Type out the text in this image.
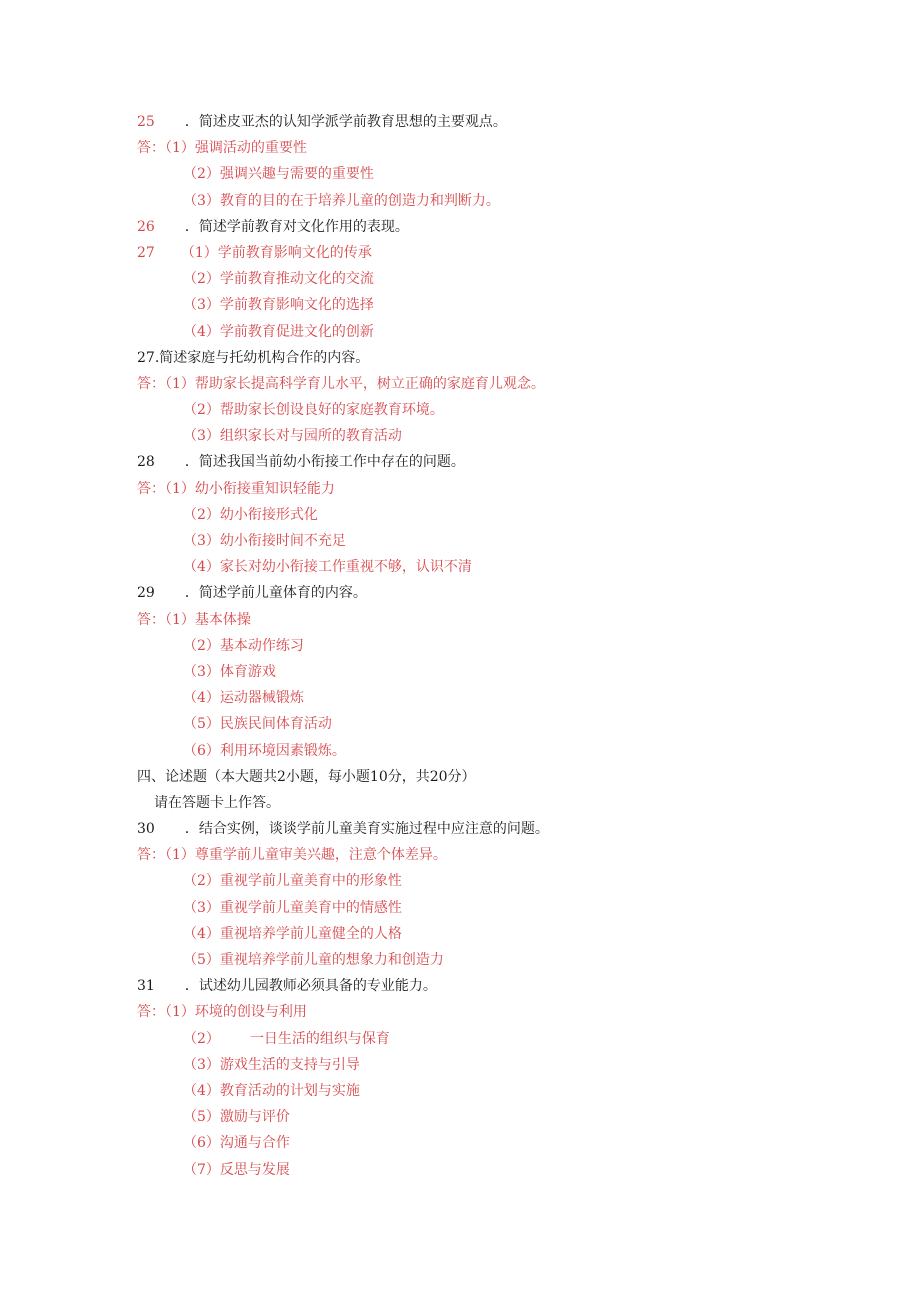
25 ．简述皮亚杰的认知学派学前教育思想的主要观点。
答：（1）强调活动的重要性
（2）强调兴趣与需要的重要性
（3）教育的目的在于培养儿童的创造力和判断力。
26 ．简述学前教育对文化作用的表现。
27 （1）学前教育影响文化的传承
（2）学前教育推动文化的交流
（3）学前教育影响文化的选择
（4）学前教育促进文化的创新
27.简述家庭与托幼机构合作的内容。
答：（1）帮助家长提高科学育儿水平，树立正确的家庭育儿观念。
（2）帮助家长创设良好的家庭教育环境。
（3）组织家长对与园所的教育活动
28 ．简述我国当前幼小衔接工作中存在的问题。
答：（1）幼小衔接重知识轻能力
（2）幼小衔接形式化
（3）幼小衔接时间不充足
（4）家长对幼小衔接工作重视不够，认识不清
29 ．简述学前儿童体育的内容。
答：（1）基本体操
（2）基本动作练习
（3）体育游戏
（4）运动器械锻炼
（5）民族民间体育活动
（6）利用环境因素锻炼。
四、论述题（本大题共2小题，每小题10分，共20分）
请在答题卡上作答。
30 ．结合实例，谈谈学前儿童美育实施过程中应注意的问题。
答：（1）尊重学前儿童审美兴趣，注意个体差异。
（2）重视学前儿童美育中的形象性
（3）重视学前儿童美育中的情感性
（4）重视培养学前儿童健全的人格
（5）重视培养学前儿童的想象力和创造力
31 ．试述幼儿园教师必须具备的专业能力。
答：（1）环境的创设与利用
（2） 一日生活的组织与保育
（3）游戏生活的支持与引导
（4）教育活动的计划与实施
（5）激励与评价
（6）沟通与合作
（7）反思与发展
